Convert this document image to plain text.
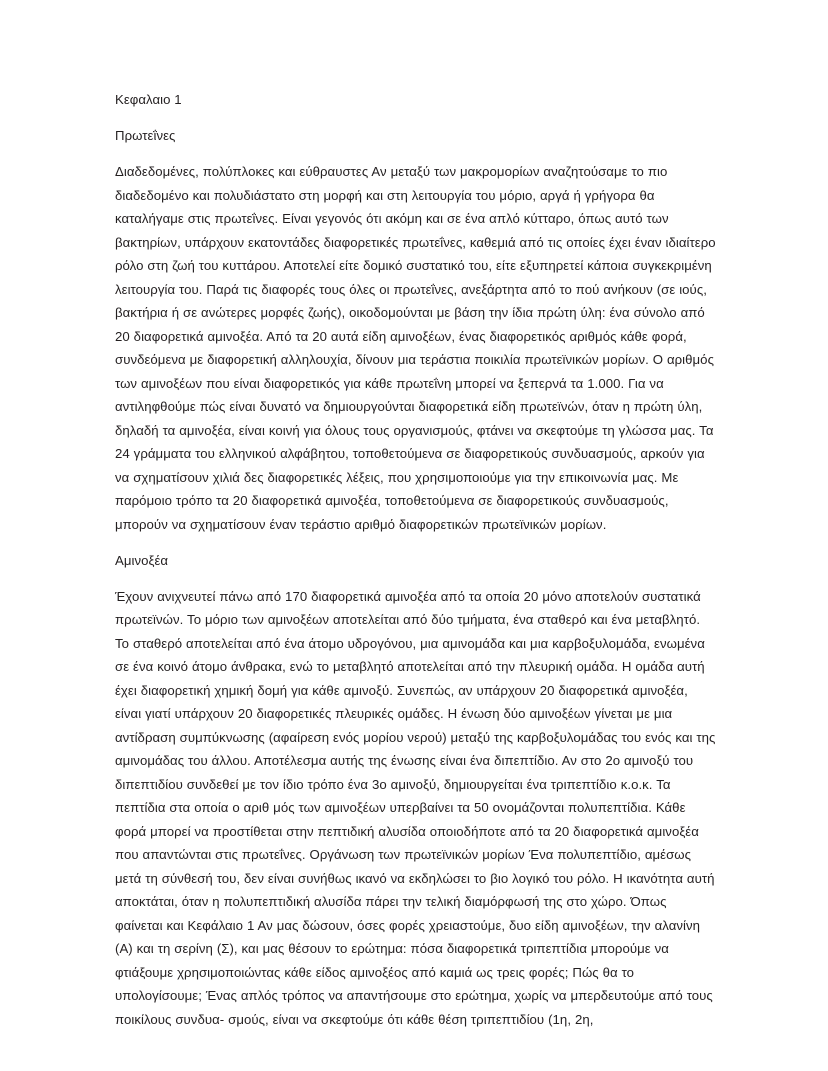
Κεφαλαιο 1

Πρωτεΐνες

Διαδεδομένες, πολύπλοκες και εύθραυστες Αν μεταξύ των μακρομορίων αναζητούσαμε το πιο διαδεδομένο και πολυδιάστατο στη μορφή και στη λειτουργία του μόριο, αργά ή γρήγορα θα καταλήγαμε στις πρωτεΐνες. Είναι γεγονός ότι ακόμη και σε ένα απλό κύτταρο, όπως αυτό των βακτηρίων, υπάρχουν εκατοντάδες διαφορετικές πρωτεΐνες, καθεμιά από τις οποίες έχει έναν ιδιαίτερο ρόλο στη ζωή του κυττάρου. Αποτελεί είτε δομικό συστατικό του, είτε εξυπηρετεί κάποια συγκεκριμένη λειτουργία του. Παρά τις διαφορές τους όλες οι πρωτεΐνες, ανεξάρτητα από το πού ανήκουν (σε ιούς, βακτήρια ή σε ανώτερες μορφές ζωής), οικοδομούνται με βάση την ίδια πρώτη ύλη: ένα σύνολο από 20 διαφορετικά αμινοξέα. Από τα 20 αυτά είδη αμινοξέων, ένας διαφορετικός αριθμός κάθε φορά, συνδεόμενα με διαφορετική αλληλουχία, δίνουν μια τεράστια ποικιλία πρωτεϊνικών μορίων. Ο αριθμός των αμινοξέων που είναι διαφορετικός για κάθε πρωτεΐνη μπορεί να ξεπερνά τα 1.000. Για να αντιληφθούμε πώς είναι δυνατό να δημιουργούνται διαφορετικά είδη πρωτεϊνών, όταν η πρώτη ύλη, δηλαδή τα αμινοξέα, είναι κοινή για όλους τους οργανισμούς, φτάνει να σκεφτούμε τη γλώσσα μας. Τα 24 γράμματα του ελληνικού αλφάβητου, τοποθετούμενα σε διαφορετικούς συνδυασμούς, αρκούν για να σχηματίσουν χιλιά δες διαφορετικές λέξεις, που χρησιμοποιούμε για την επικοινωνία μας. Με παρόμοιο τρόπο τα 20 διαφορετικά αμινοξέα, τοποθετούμενα σε διαφορετικούς συνδυασμούς, μπορούν να σχηματίσουν έναν τεράστιο αριθμό διαφορετικών πρωτεϊνικών μορίων.

Αμινοξέα

Έχουν ανιχνευτεί πάνω από 170 διαφορετικά αμινοξέα από τα οποία 20 μόνο αποτελούν συστατικά πρωτεϊνών. Το μόριο των αμινοξέων αποτελείται από δύο τμήματα, ένα σταθερό και ένα μεταβλητό. Το σταθερό αποτελείται από ένα άτομο υδρογόνου, μια αμινομάδα και μια καρβοξυλομάδα, ενωμένα σε ένα κοινό άτομο άνθρακα, ενώ το μεταβλητό αποτελείται από την πλευρική ομάδα. Η ομάδα αυτή έχει διαφορετική χημική δομή για κάθε αμινοξύ. Συνεπώς, αν υπάρχουν 20 διαφορετικά αμινοξέα, είναι γιατί υπάρχουν 20 διαφορετικές πλευρικές ομάδες. Η ένωση δύο αμινοξέων γίνεται με μια αντίδραση συμπύκνωσης (αφαίρεση ενός μορίου νερού) μεταξύ της καρβοξυλομάδας του ενός και της αμινομάδας του άλλου. Αποτέλεσμα αυτής της ένωσης είναι ένα διπεπτίδιο. Αν στο 2ο αμινοξύ του διπεπτιδίου συνδεθεί με τον ίδιο τρόπο ένα 3ο αμινοξύ, δημιουργείται ένα τριπεπτίδιο κ.ο.κ. Τα πεπτίδια στα οποία ο αριθ μός των αμινοξέων υπερβαίνει τα 50 ονομάζονται πολυπεπτίδια. Κάθε φορά μπορεί να προστίθεται στην πεπτιδική αλυσίδα οποιοδήποτε από τα 20 διαφορετικά αμινοξέα που απαντώνται στις πρωτεΐνες. Οργάνωση των πρωτεϊνικών μορίων Ένα πολυπεπτίδιο, αμέσως μετά τη σύνθεσή του, δεν είναι συνήθως ικανό να εκδηλώσει το βιο λογικό του ρόλο. Η ικανότητα αυτή αποκτάται, όταν η πολυπεπτιδική αλυσίδα πάρει την τελική διαμόρφωσή της στο χώρο. Όπως φαίνεται και Κεφάλαιο 1 Αν μας δώσουν, όσες φορές χρειαστούμε, δυο είδη αμινοξέων, την αλανίνη (Α) και τη σερίνη (Σ), και μας θέσουν το ερώτημα: πόσα διαφορετικά τριπεπτίδια μπορούμε να φτιάξουμε χρησιμοποιώντας κάθε είδος αμινοξέος από καμιά ως τρεις φορές; Πώς θα το υπολογίσουμε; Ένας απλός τρόπος να απαντήσουμε στο ερώτημα, χωρίς να μπερδευτούμε από τους ποικίλους συνδυα- σμούς, είναι να σκεφτούμε ότι κάθε θέση τριπεπτιδίου (1η, 2η,
